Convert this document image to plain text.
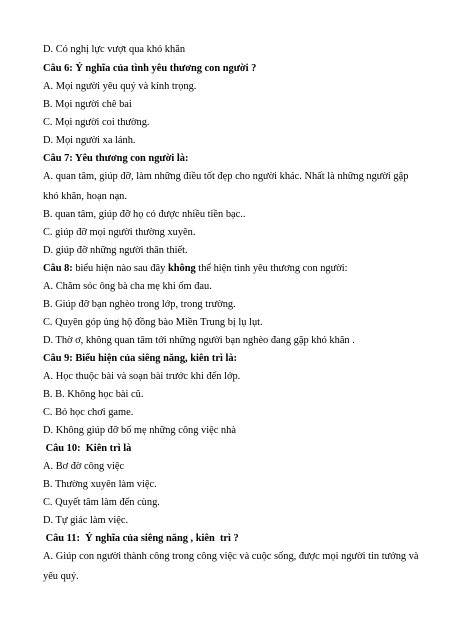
D. Có nghị lực vượt qua khó khăn
Câu 6: Ý nghĩa của tình yêu thương con người ?
A. Mọi người yêu quý và kính trọng.
B. Mọi người chê bai
C. Mọi người coi thường.
D. Mọi người xa lánh.
Câu 7: Yêu thương con người là:
A. quan tâm, giúp đỡ, làm những điều tốt đẹp cho người khác. Nhất là những người gặp khó khăn, hoạn nạn.
B. quan tâm, giúp đỡ họ có được nhiều tiền bạc..
C. giúp đỡ mọi người thường xuyên.
D. giúp đỡ những người thân thiết.
Câu 8: biểu hiện nào sau đây không thể hiện tình yêu thương con người:
A. Chăm sóc ông bà cha mẹ khi ốm đau.
B. Giúp đỡ bạn nghèo trong lớp, trong trường.
C. Quyên góp ủng hộ đồng bào Miền Trung bị lụ lụt.
D. Thờ ơ, không quan tâm tới những người bạn nghèo đang gặp khó khăn .
Câu 9: Biểu hiện của siêng năng, kiên trì là:
A. Học thuộc bài và soạn bài trước khi đến lớp.
B. B. Không học bài cũ.
C. Bỏ học chơi game.
D. Không giúp đỡ bố mẹ những công việc nhà
Câu 10:  Kiên trì là
A. Bơ đờ công việc
B. Thường xuyên làm việc.
C. Quyết tâm làm đến cùng.
D. Tự giác làm việc.
Câu 11:  Ý nghĩa của siêng năng , kiên  trì ?
A. Giúp con người thành công trong công việc và cuộc sống, được mọi người tin tưởng và yêu quý.
